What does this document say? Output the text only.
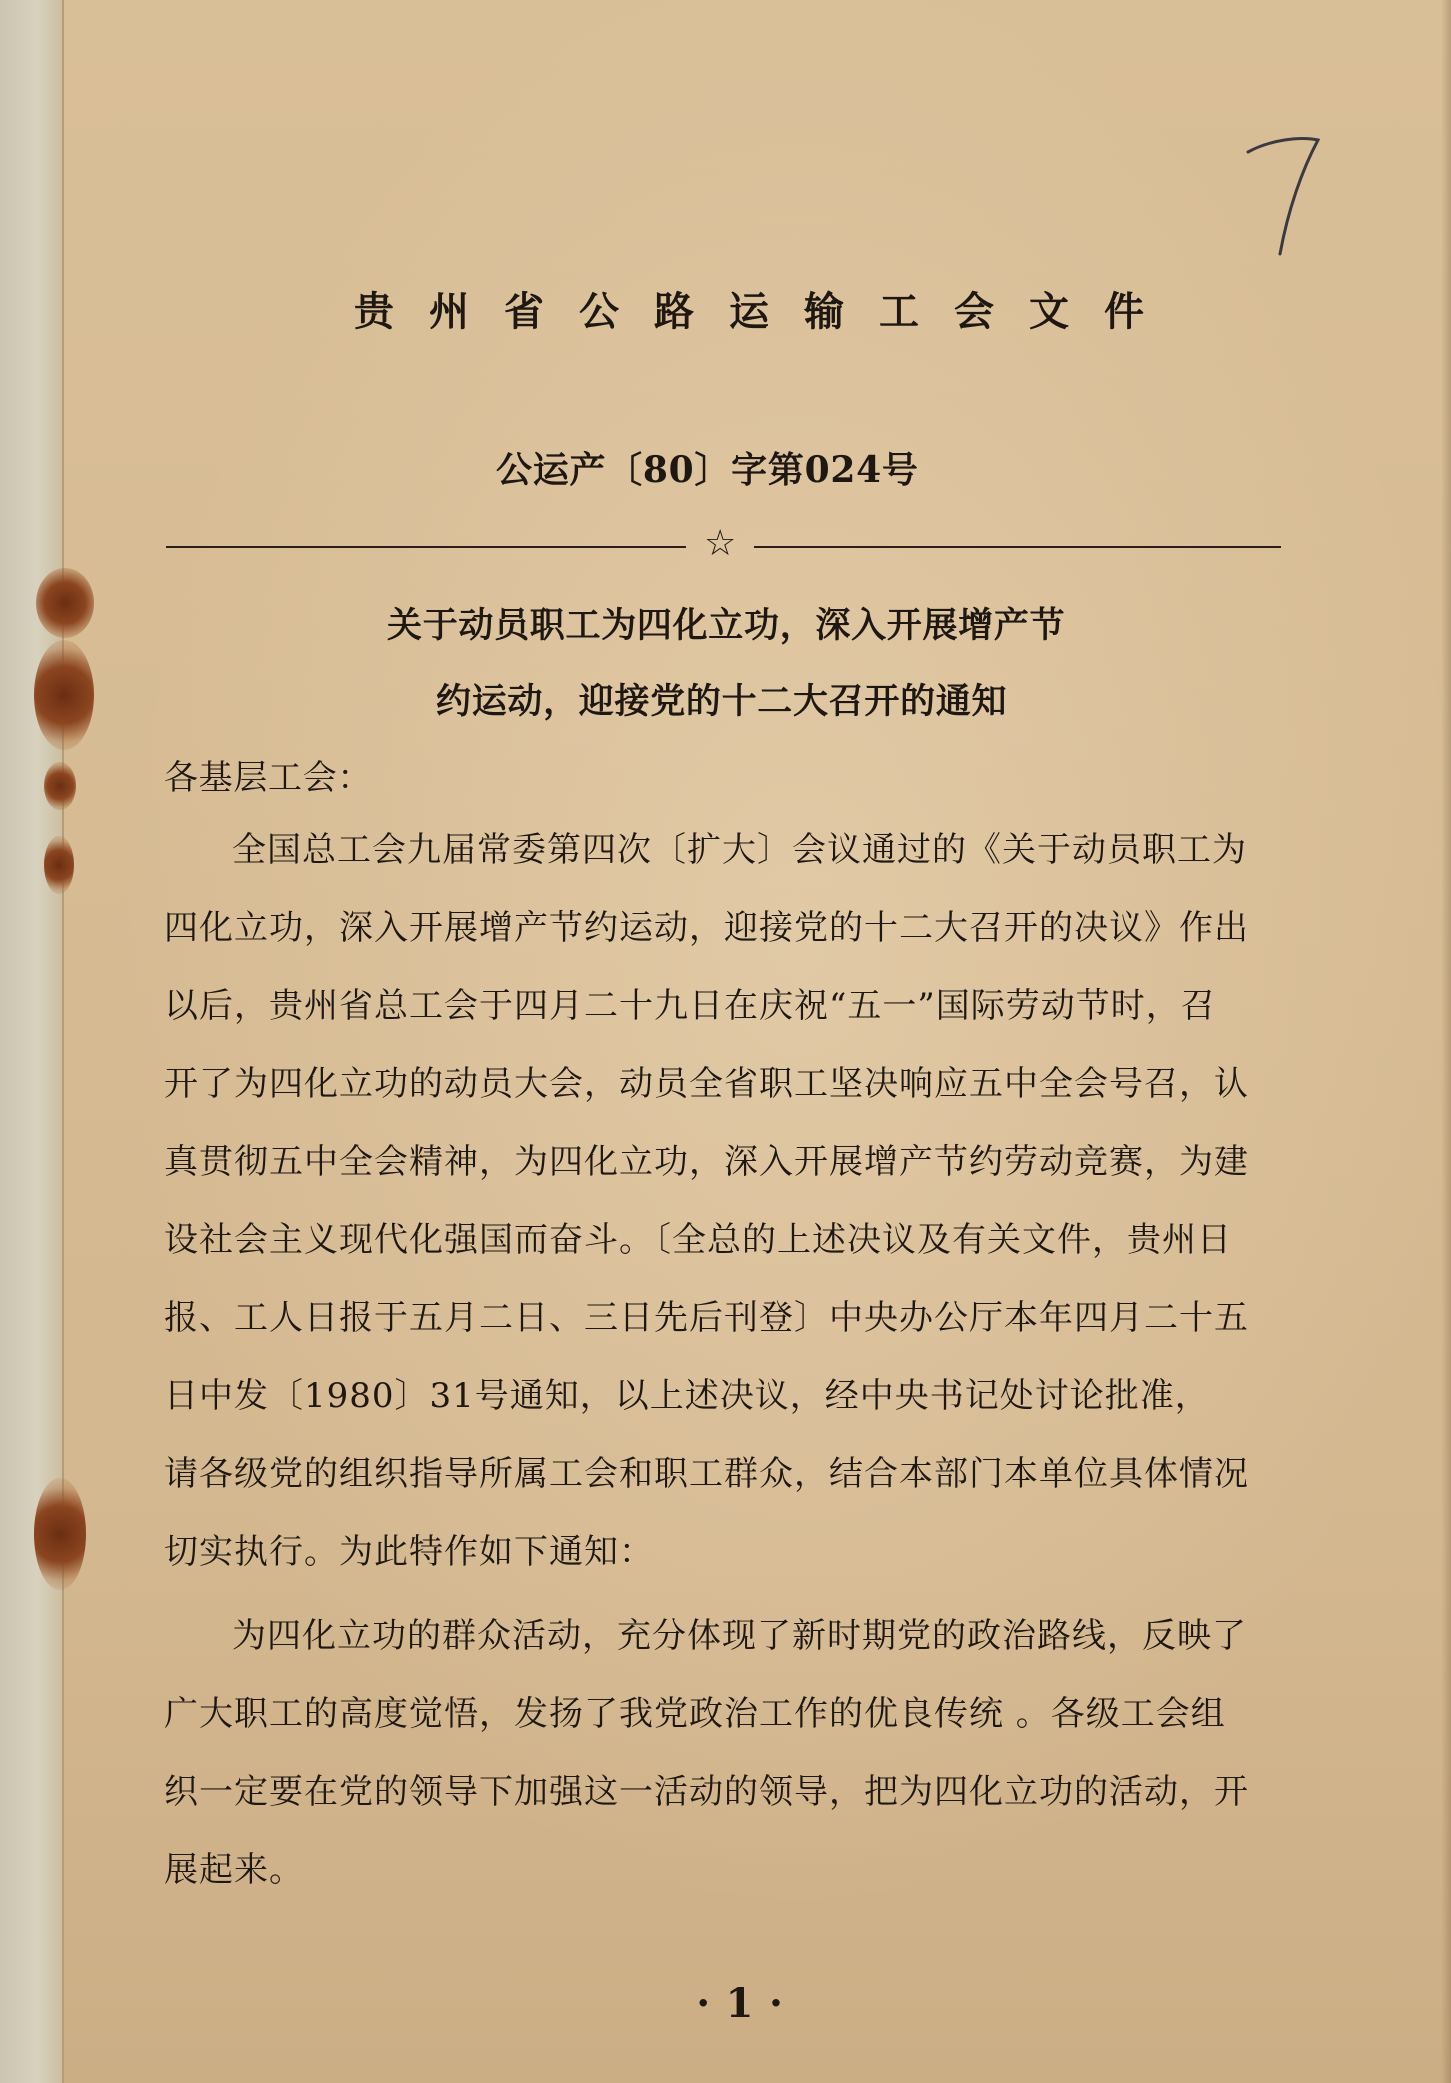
贵州省公路运输工会文件
公运产〔80〕字第024号
☆
关于动员职工为四化立功，深入开展增产节
约运动，迎接党的十二大召开的通知
各基层工会：
全国总工会九届常委第四次〔扩大〕会议通过的《关于动员职工为
四化立功，深入开展增产节约运动，迎接党的十二大召开的决议》作出
以后，贵州省总工会于四月二十九日在庆祝“五一”国际劳动节时，召
开了为四化立功的动员大会，动员全省职工坚决响应五中全会号召，认
真贯彻五中全会精神，为四化立功，深入开展增产节约劳动竞赛，为建
设社会主义现代化强国而奋斗。〔全总的上述决议及有关文件，贵州日
报、工人日报于五月二日、三日先后刊登〕中央办公厅本年四月二十五
日中发〔1980〕31号通知，以上述决议，经中央书记处讨论批准，
请各级党的组织指导所属工会和职工群众，结合本部门本单位具体情况
切实执行。为此特作如下通知：
为四化立功的群众活动，充分体现了新时期党的政治路线，反映了
广大职工的高度觉悟，发扬了我党政治工作的优良传统 。各级工会组
织一定要在党的领导下加强这一活动的领导，把为四化立功的活动，开
展起来。
· 1 ·
